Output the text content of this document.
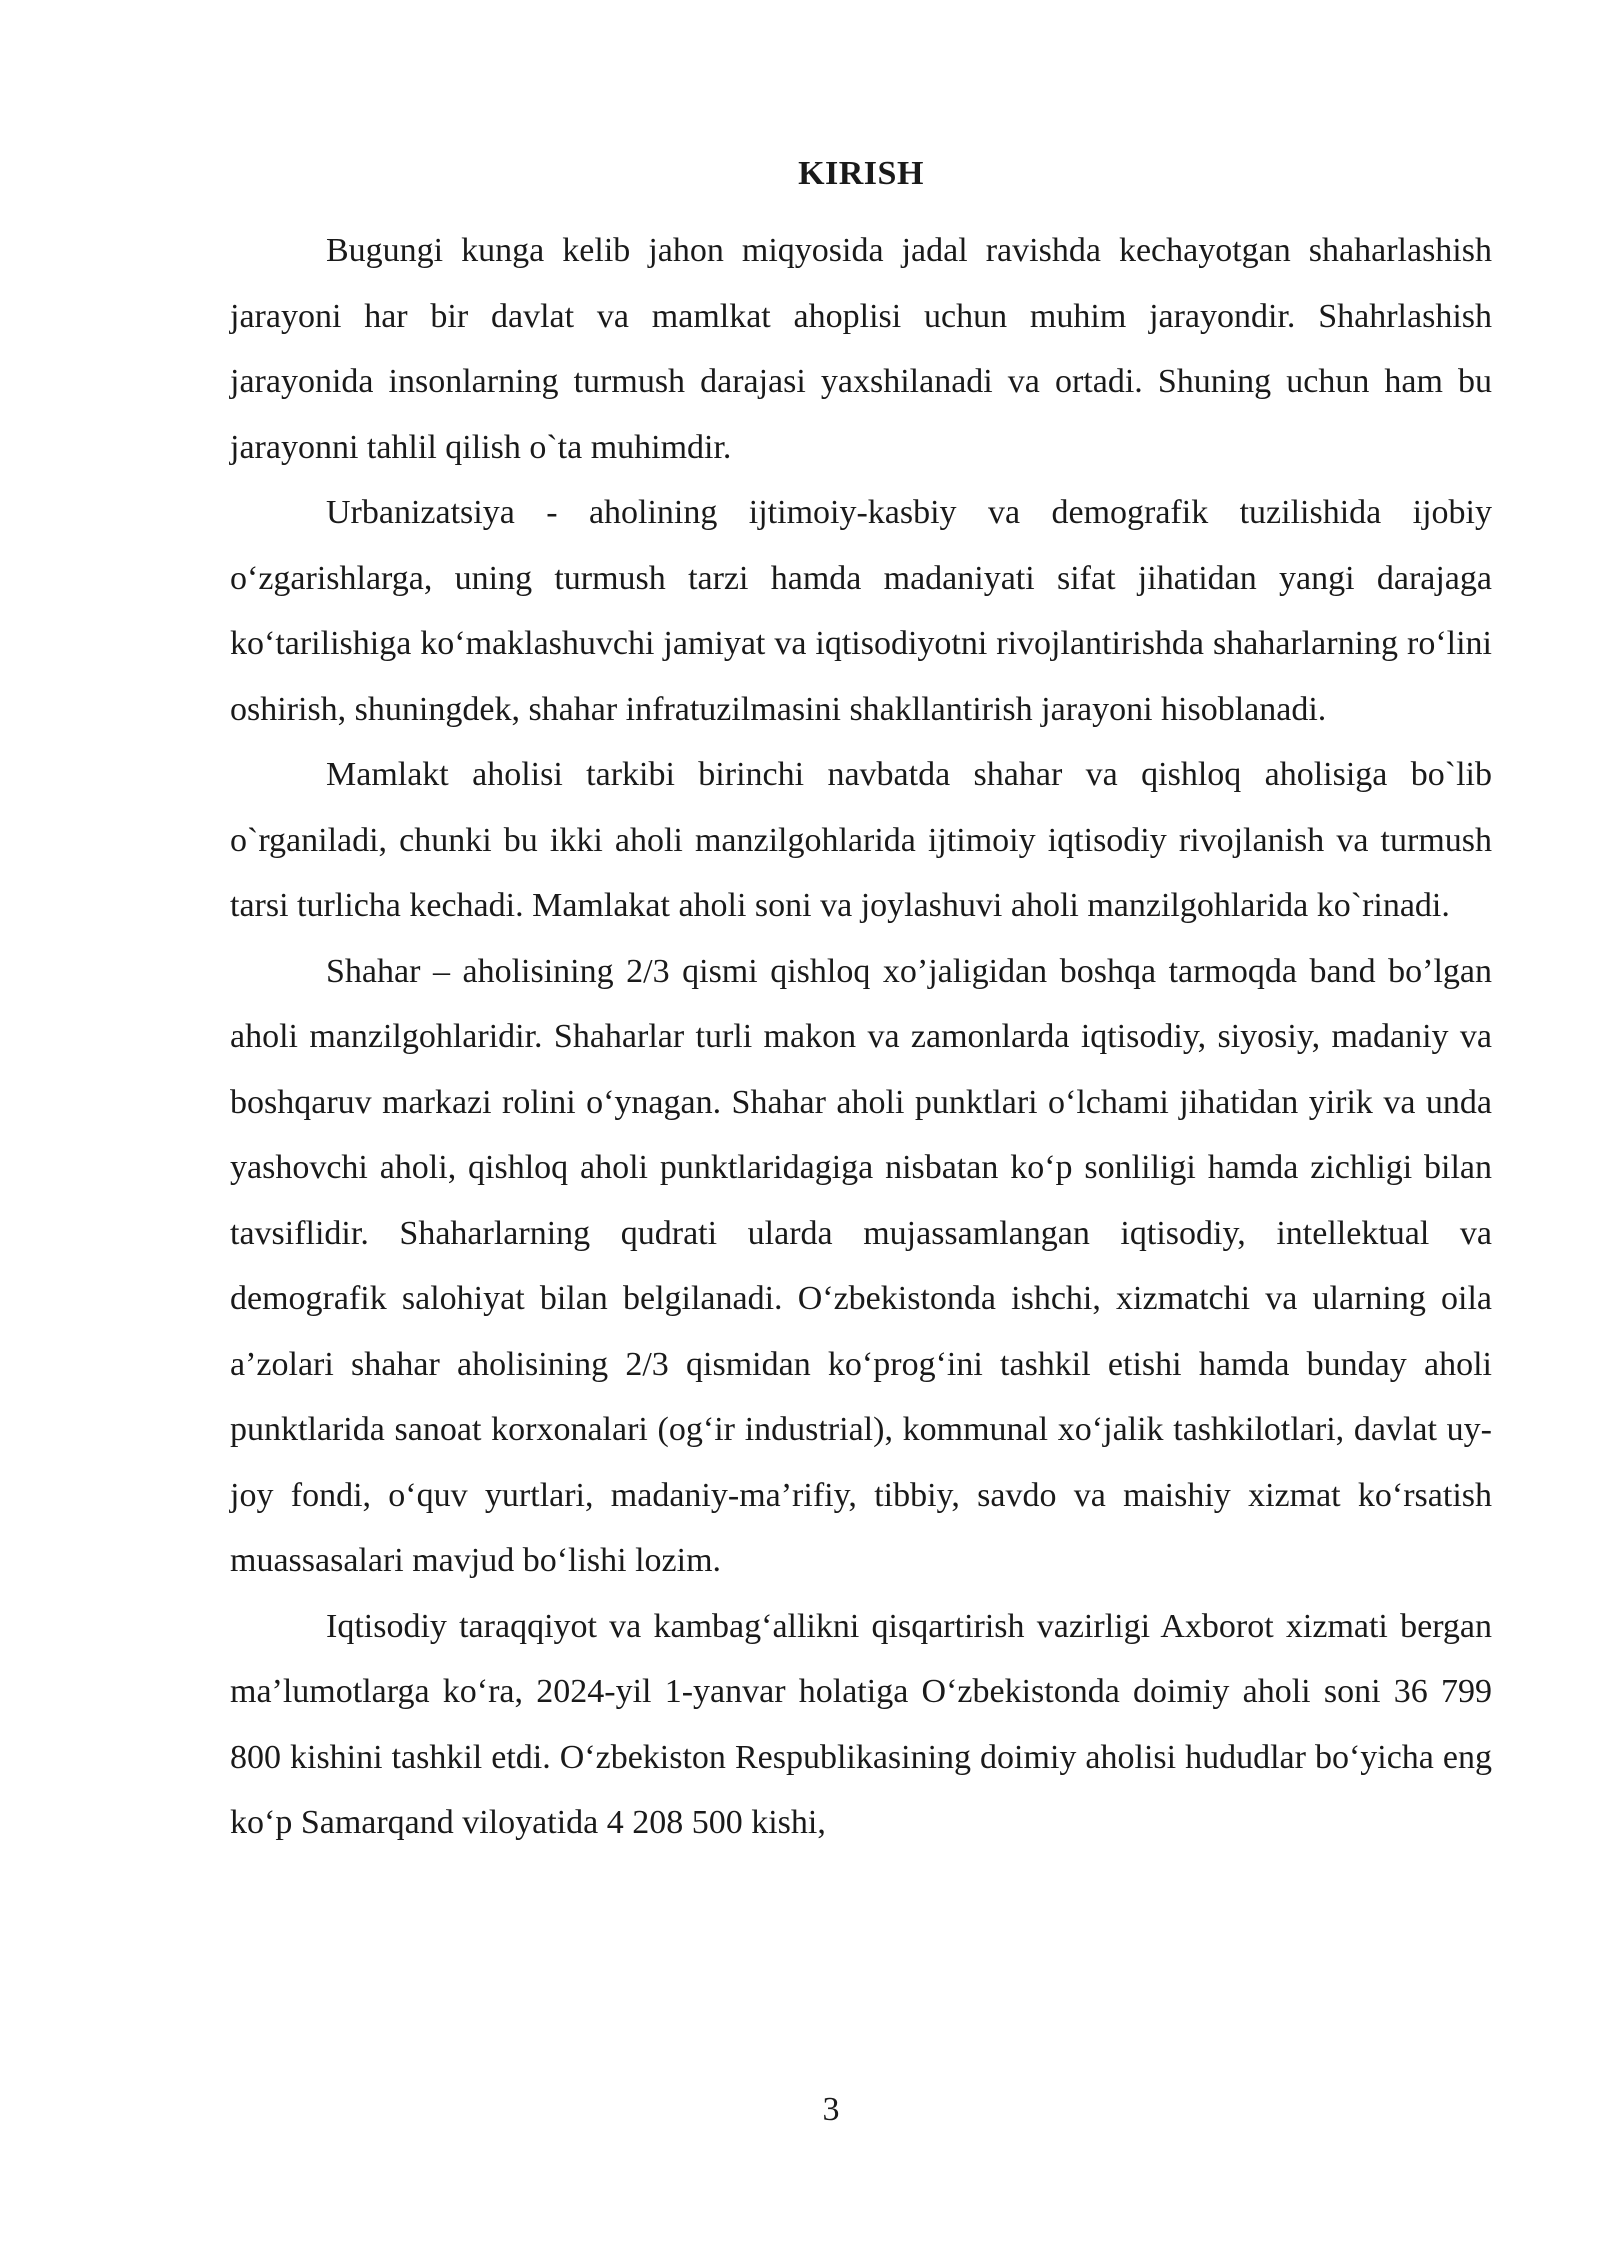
KIRISH

Bugungi kunga kelib jahon miqyosida jadal ravishda kechayotgan shaharlashish jarayoni har bir davlat va mamlkat ahoplisi uchun muhim jarayondir. Shahrlashish jarayonida insonlarning turmush darajasi yaxshilanadi va ortadi. Shuning uchun ham bu jarayonni tahlil qilish o`ta muhimdir.

Urbanizatsiya - aholining ijtimoiy-kasbiy va demografik tuzilishida ijobiy o‘zgarishlarga, uning turmush tarzi hamda madaniyati sifat jihatidan yangi darajaga ko‘tarilishiga ko‘maklashuvchi jamiyat va iqtisodiyotni rivojlantirishda shaharlarning ro‘lini oshirish, shuningdek, shahar infratuzilmasini shakllantirish jarayoni hisoblanadi.

Mamlakt aholisi tarkibi birinchi navbatda shahar va qishloq aholisiga bo`lib o`rganiladi, chunki bu ikki aholi manzilgohlarida ijtimoiy iqtisodiy rivojlanish va turmush tarsi turlicha kechadi. Mamlakat aholi soni va joylashuvi aholi manzilgohlarida ko`rinadi.

Shahar – aholisining 2/3 qismi qishloq xo’jaligidan boshqa tarmoqda band bo’lgan aholi manzilgohlaridir. Shaharlar turli makon va zamonlarda iqtisodiy, siyosiy, madaniy va boshqaruv markazi rolini o‘ynagan. Shahar aholi punktlari o‘lchami jihatidan yirik va unda yashovchi aholi, qishloq aholi punktlaridagiga nisbatan ko‘p sonliligi hamda zichligi bilan tavsiflidir. Shaharlarning qudrati ularda mujassamlangan iqtisodiy, intellektual va demografik salohiyat bilan belgilanadi. O‘zbekistonda ishchi, xizmatchi va ularning oila a’zolari shahar aholisining 2/3 qismidan ko‘prog‘ini tashkil etishi hamda bunday aholi punktlarida sanoat korxonalari (og‘ir industrial), kommunal xo‘jalik tashkilotlari, davlat uy-joy fondi, o‘quv yurtlari, madaniy-ma’rifiy, tibbiy, savdo va maishiy xizmat ko‘rsatish muassasalari mavjud bo‘lishi lozim.

Iqtisodiy taraqqiyot va kambag‘allikni qisqartirish vazirligi Axborot xizmati bergan ma’lumotlarga ko‘ra, 2024-yil 1-yanvar holatiga O‘zbekistonda doimiy aholi soni 36 799 800 kishini tashkil etdi. O‘zbekiston Respublikasining doimiy aholisi hududlar bo‘yicha eng ko‘p Samarqand viloyatida 4 208 500 kishi,

3
